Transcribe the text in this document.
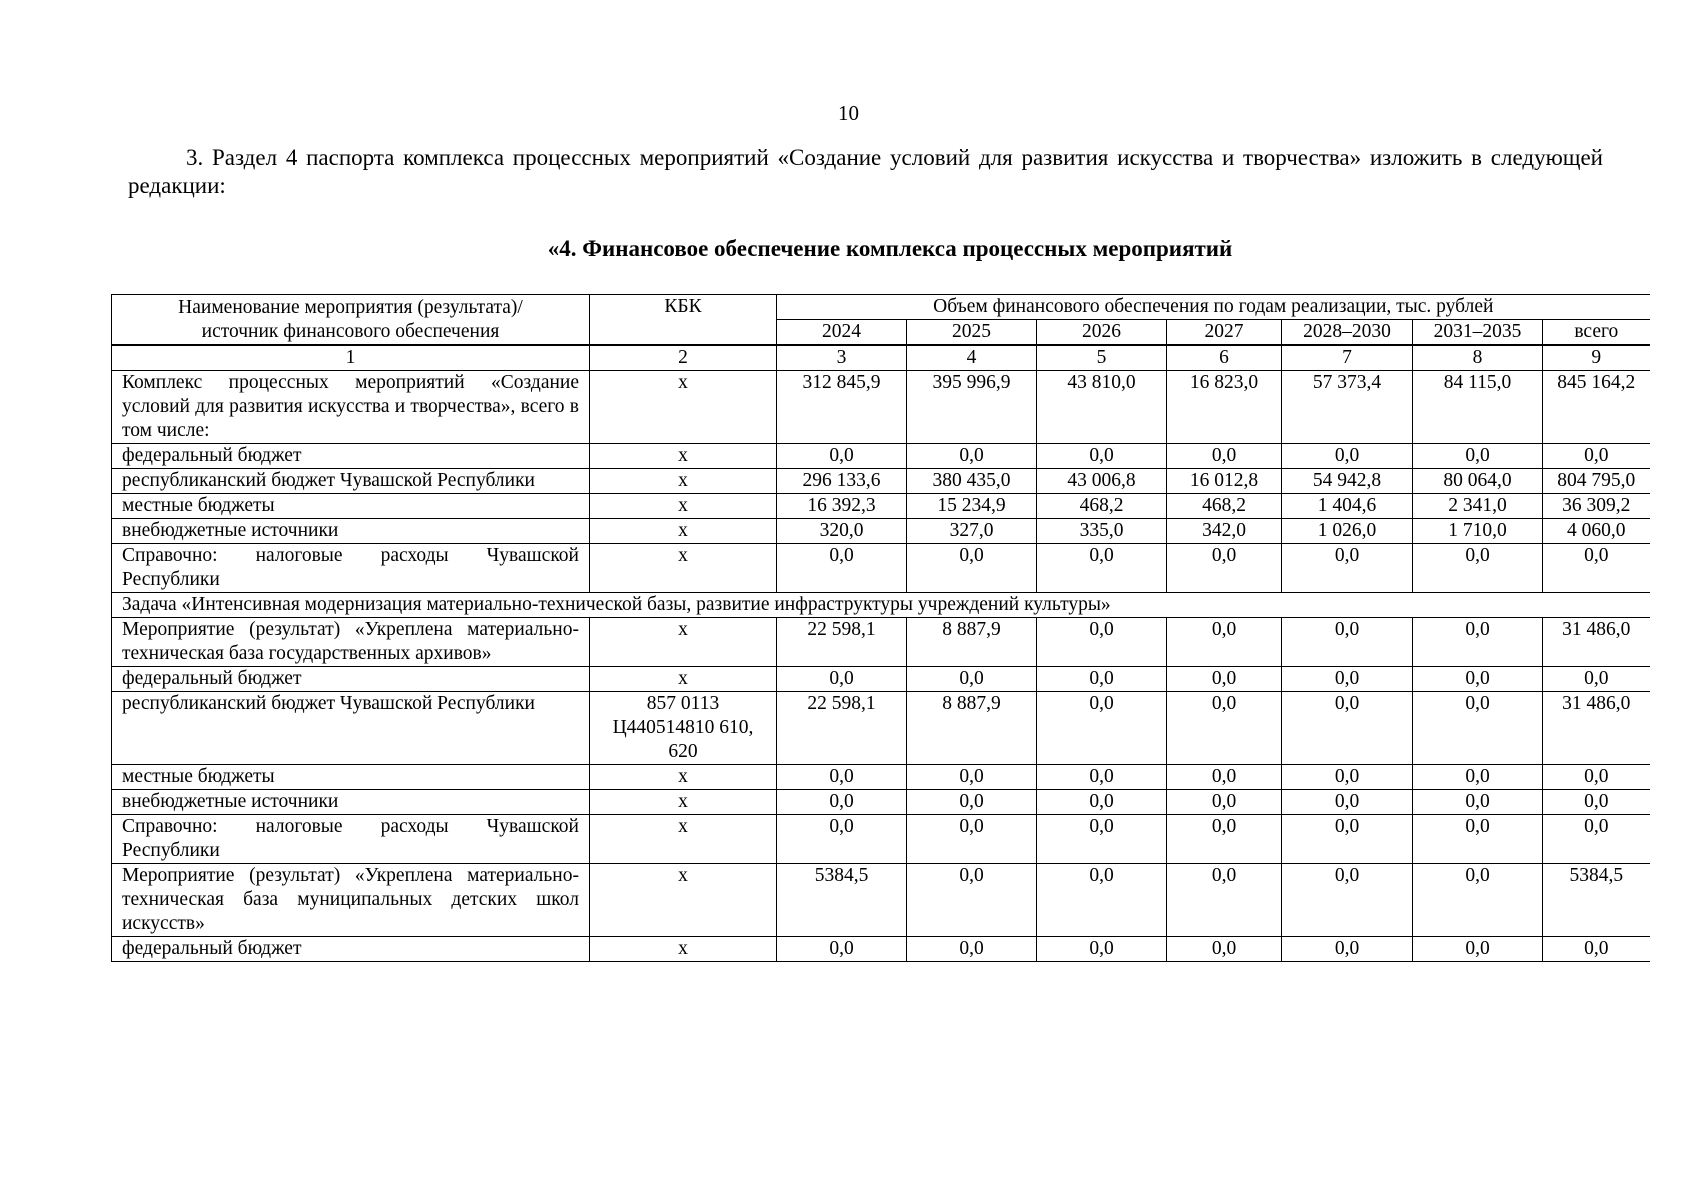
10
3. Раздел 4 паспорта комплекса процессных мероприятий «Создание условий для развития искусства и творчества» изложить в следующей редакции:
«4. Финансовое обеспечение комплекса процессных мероприятий
Наименование мероприятия (результата)/ источник финансового обеспечения	КБК	Объем финансового обеспечения по годам реализации, тыс. рублей						
		2024	2025	2026	2027	2028–2030	2031–2035	всего
1	2	3	4	5	6	7	8	9
Комплекс процессных мероприятий «Создание условий для развития искусства и творчества», всего в том числе:	х	312 845,9	395 996,9	43 810,0	16 823,0	57 373,4	84 115,0	845 164,2
федеральный бюджет	х	0,0	0,0	0,0	0,0	0,0	0,0	0,0
республиканский бюджет Чувашской Республики	х	296 133,6	380 435,0	43 006,8	16 012,8	54 942,8	80 064,0	804 795,0
местные бюджеты	х	16 392,3	15 234,9	468,2	468,2	1 404,6	2 341,0	36 309,2
внебюджетные источники	х	320,0	327,0	335,0	342,0	1 026,0	1 710,0	4 060,0
Справочно: налоговые расходы Чувашской Республики	х	0,0	0,0	0,0	0,0	0,0	0,0	0,0
Задача «Интенсивная модернизация материально-технической базы, развитие инфраструктуры учреждений культуры»								
Мероприятие (результат) «Укреплена материально-техническая база государственных архивов»	х	22 598,1	8 887,9	0,0	0,0	0,0	0,0	31 486,0
федеральный бюджет	х	0,0	0,0	0,0	0,0	0,0	0,0	0,0
республиканский бюджет Чувашской Республики	857 0113 Ц440514810 610, 620	22 598,1	8 887,9	0,0	0,0	0,0	0,0	31 486,0
местные бюджеты	х	0,0	0,0	0,0	0,0	0,0	0,0	0,0
внебюджетные источники	х	0,0	0,0	0,0	0,0	0,0	0,0	0,0
Справочно: налоговые расходы Чувашской Республики	х	0,0	0,0	0,0	0,0	0,0	0,0	0,0
Мероприятие (результат) «Укреплена материально-техническая база муниципальных детских школ искусств»	х	5384,5	0,0	0,0	0,0	0,0	0,0	5384,5
федеральный бюджет	х	0,0	0,0	0,0	0,0	0,0	0,0	0,0
